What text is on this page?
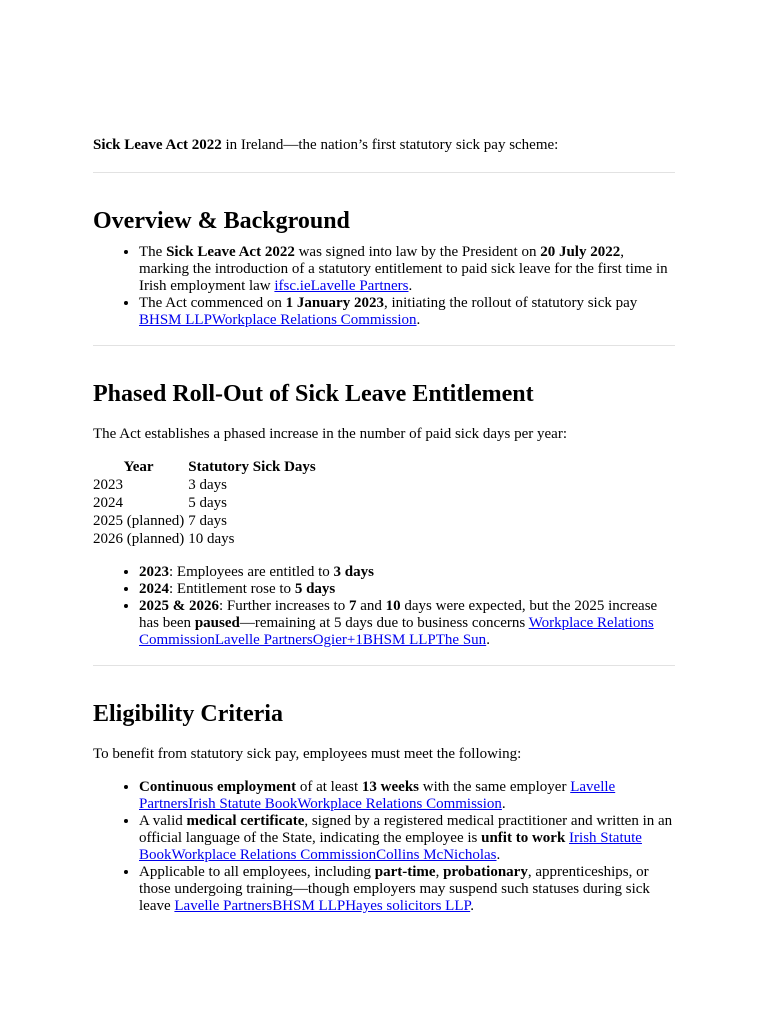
Sick Leave Act 2022 in Ireland—the nation’s first statutory sick pay scheme:

Overview & Background
• The Sick Leave Act 2022 was signed into law by the President on 20 July 2022, marking the introduction of a statutory entitlement to paid sick leave for the first time in Irish employment law ifsc.ieLavelle Partners.
• The Act commenced on 1 January 2023, initiating the rollout of statutory sick pay BHSM LLPWorkplace Relations Commission.
Phased Roll-Out of Sick Leave Entitlement

The Act establishes a phased increase in the number of paid sick days per year:

Year	Statutory Sick Days
2023	3 days
2024	5 days
2025 (planned)	7 days
2026 (planned)	10 days
• 2023: Employees are entitled to 3 days
• 2024: Entitlement rose to 5 days
• 2025 & 2026: Further increases to 7 and 10 days were expected, but the 2025 increase has been paused—remaining at 5 days due to business concerns Workplace Relations CommissionLavelle PartnersOgier+1BHSM LLPThe Sun.
Eligibility Criteria

To benefit from statutory sick pay, employees must meet the following:

• Continuous employment of at least 13 weeks with the same employer Lavelle PartnersIrish Statute BookWorkplace Relations Commission.
• A valid medical certificate, signed by a registered medical practitioner and written in an official language of the State, indicating the employee is unfit to work Irish Statute BookWorkplace Relations CommissionCollins McNicholas.
• Applicable to all employees, including part-time, probationary, apprenticeships, or those undergoing training—though employers may suspend such statuses during sick leave Lavelle PartnersBHSM LLPHayes solicitors LLP.
